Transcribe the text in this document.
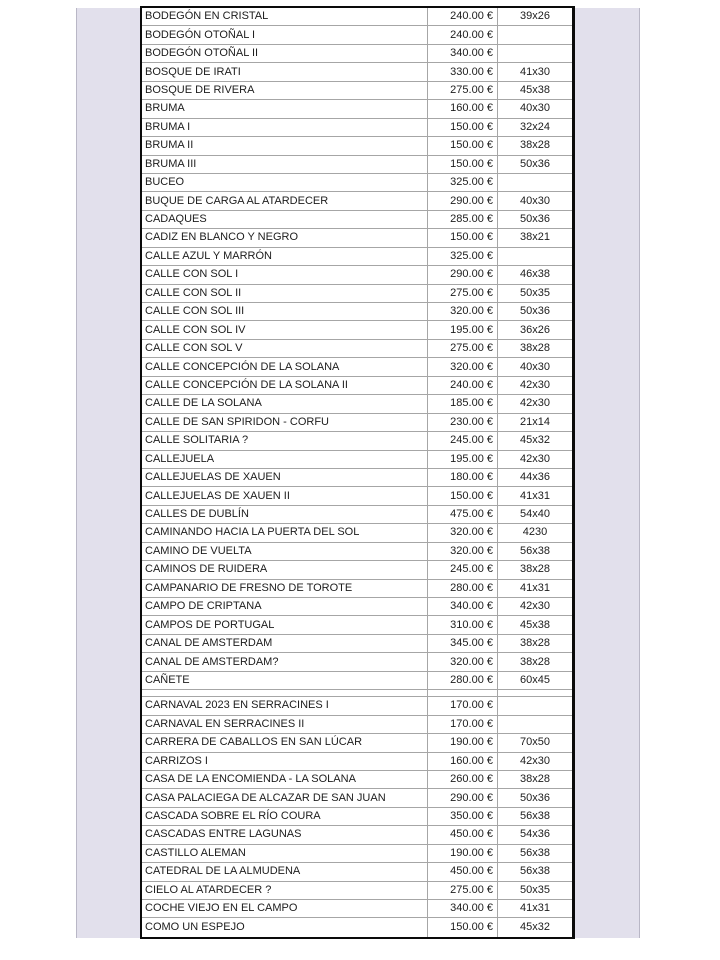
BODEGÓN EN CRISTAL	240.00 €	39x26
BODEGÓN OTOÑAL I	240.00 €
BODEGÓN OTOÑAL II	340.00 €
BOSQUE DE IRATI	330.00 €	41x30
BOSQUE DE RIVERA	275.00 €	45x38
BRUMA	160.00 €	40x30
BRUMA I	150.00 €	32x24
BRUMA II	150.00 €	38x28
BRUMA III	150.00 €	50x36
BUCEO	325.00 €
BUQUE DE CARGA AL ATARDECER	290.00 €	40x30
CADAQUES	285.00 €	50x36
CADIZ EN BLANCO Y NEGRO	150.00 €	38x21
CALLE AZUL Y MARRÓN	325.00 €
CALLE CON SOL I	290.00 €	46x38
CALLE CON SOL II	275.00 €	50x35
CALLE CON SOL III	320.00 €	50x36
CALLE CON SOL IV	195.00 €	36x26
CALLE CON SOL V	275.00 €	38x28
CALLE CONCEPCIÓN DE LA SOLANA	320.00 €	40x30
CALLE CONCEPCIÓN DE LA SOLANA II	240.00 €	42x30
CALLE DE LA SOLANA	185.00 €	42x30
CALLE DE SAN SPIRIDON - CORFU	230.00 €	21x14
CALLE SOLITARIA ?	245.00 €	45x32
CALLEJUELA	195.00 €	42x30
CALLEJUELAS DE XAUEN	180.00 €	44x36
CALLEJUELAS DE XAUEN II	150.00 €	41x31
CALLES DE DUBLÍN	475.00 €	54x40
CAMINANDO HACIA LA PUERTA DEL SOL	320.00 €	4230
CAMINO DE VUELTA	320.00 €	56x38
CAMINOS DE RUIDERA	245.00 €	38x28
CAMPANARIO DE FRESNO DE TOROTE	280.00 €	41x31
CAMPO DE CRIPTANA	340.00 €	42x30
CAMPOS DE PORTUGAL	310.00 €	45x38
CANAL DE AMSTERDAM	345.00 €	38x28
CANAL DE AMSTERDAM?	320.00 €	38x28
CAÑETE	280.00 €	60x45
CARNAVAL 2023 EN SERRACINES I	170.00 €
CARNAVAL EN SERRACINES II	170.00 €
CARRERA DE CABALLOS EN SAN LÚCAR	190.00 €	70x50
CARRIZOS I	160.00 €	42x30
CASA DE LA ENCOMIENDA - LA SOLANA	260.00 €	38x28
CASA PALACIEGA DE ALCAZAR DE SAN JUAN	290.00 €	50x36
CASCADA SOBRE EL RÍO COURA	350.00 €	56x38
CASCADAS ENTRE LAGUNAS	450.00 €	54x36
CASTILLO ALEMAN	190.00 €	56x38
CATEDRAL DE LA ALMUDENA	450.00 €	56x38
CIELO AL ATARDECER ?	275.00 €	50x35
COCHE VIEJO EN EL CAMPO	340.00 €	41x31
COMO UN ESPEJO	150.00 €	45x32
